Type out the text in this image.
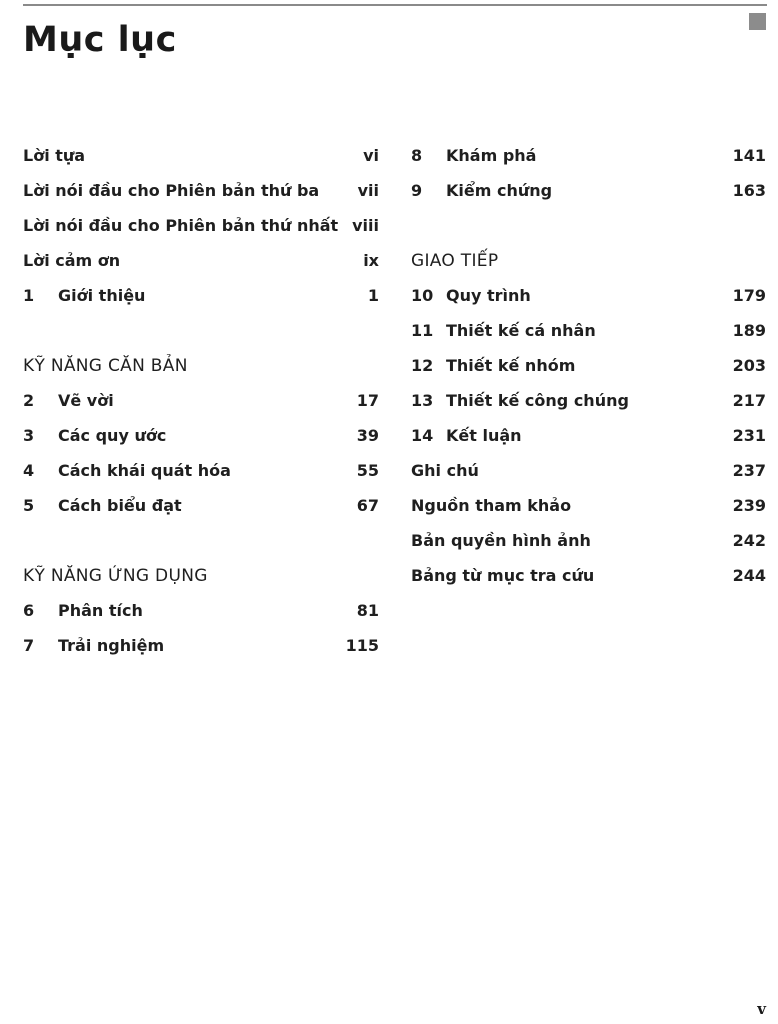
Mục lục
Lời tựa	vi
Lời nói đầu cho Phiên bản thứ ba	vii
Lời nói đầu cho Phiên bản thứ nhất viii
Lời cảm ơn	ix
1	Giới thiệu	1
KỸ NĂNG CĂN BẢN
2	Vẽ vời	17
3	Các quy ước	39
4	Cách khái quát hóa	55
5	Cách biểu đạt	67
KỸ NĂNG ỨNG DỤNG
6	Phân tích	81
7	Trải nghiệm	115
8	Khám phá	141
9	Kiểm chứng	163
GIAO TIẾP
10 Quy trình	179
11 Thiết kế cá nhân	189
12 Thiết kế nhóm	203
13 Thiết kế công chúng	217
14 Kết luận	231
Ghi chú	237
Nguồn tham khảo	239
Bản quyền hình ảnh	242
Bảng từ mục tra cứu	244
v
